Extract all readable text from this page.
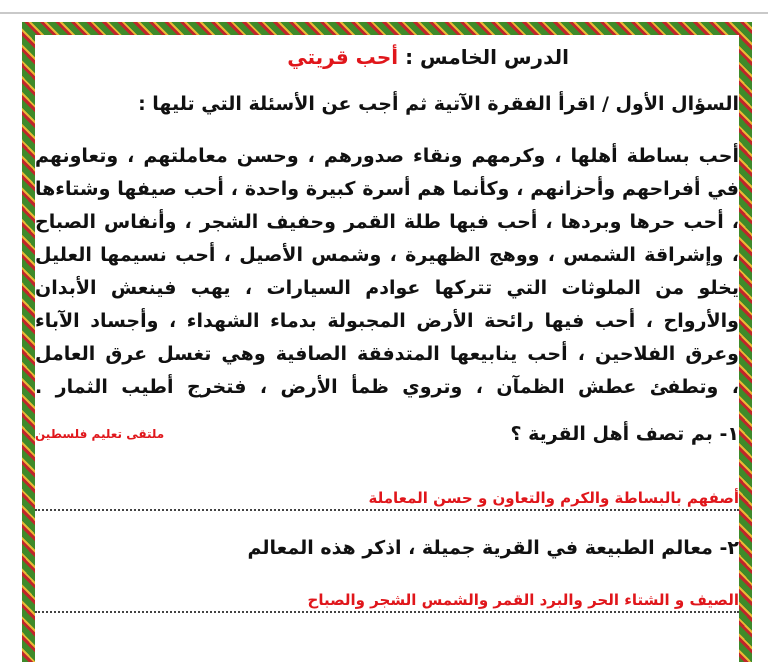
الدرس الخامس : أحب قريتي
السؤال الأول / اقرأ الفقرة الآتية ثم أجب عن الأسئلة التي تليها :
أحب بساطة أهلها ، وكرمهم ونقاء صدورهم ، وحسن معاملتهم ، وتعاونهم
في أفراحهم وأحزانهم ، وكأنما هم أسرة كبيرة واحدة ، أحب صيفها وشتاءها
، أحب حرها وبردها ، أحب فيها طلة القمر وحفيف الشجر ، وأنفاس الصباح
، وإشراقة الشمس ، ووهج الظهيرة ، وشمس الأصيل ، أحب نسيمها العليل
يخلو من الملوثات التي تتركها عوادم السيارات ، يهب فينعش الأبدان
والأرواح ، أحب فيها رائحة الأرض المجبولة بدماء الشهداء ، وأجساد الآباء
وعرق الفلاحين ، أحب ينابيعها المتدفقة الصافية وهي تغسل عرق العامل
، وتطفئ عطش الظمآن ، وتروي ظمأ الأرض ، فتخرج أطيب الثمار .
١- بم تصف أهل القرية ؟
ملتقى تعليم فلسطين
أصفهم بالبساطة والكرم والتعاون و حسن المعاملة
٢- معالم الطبيعة في القرية جميلة ، اذكر هذه المعالم
الصيف و الشتاء الحر والبرد القمر والشمس الشجر والصباح
